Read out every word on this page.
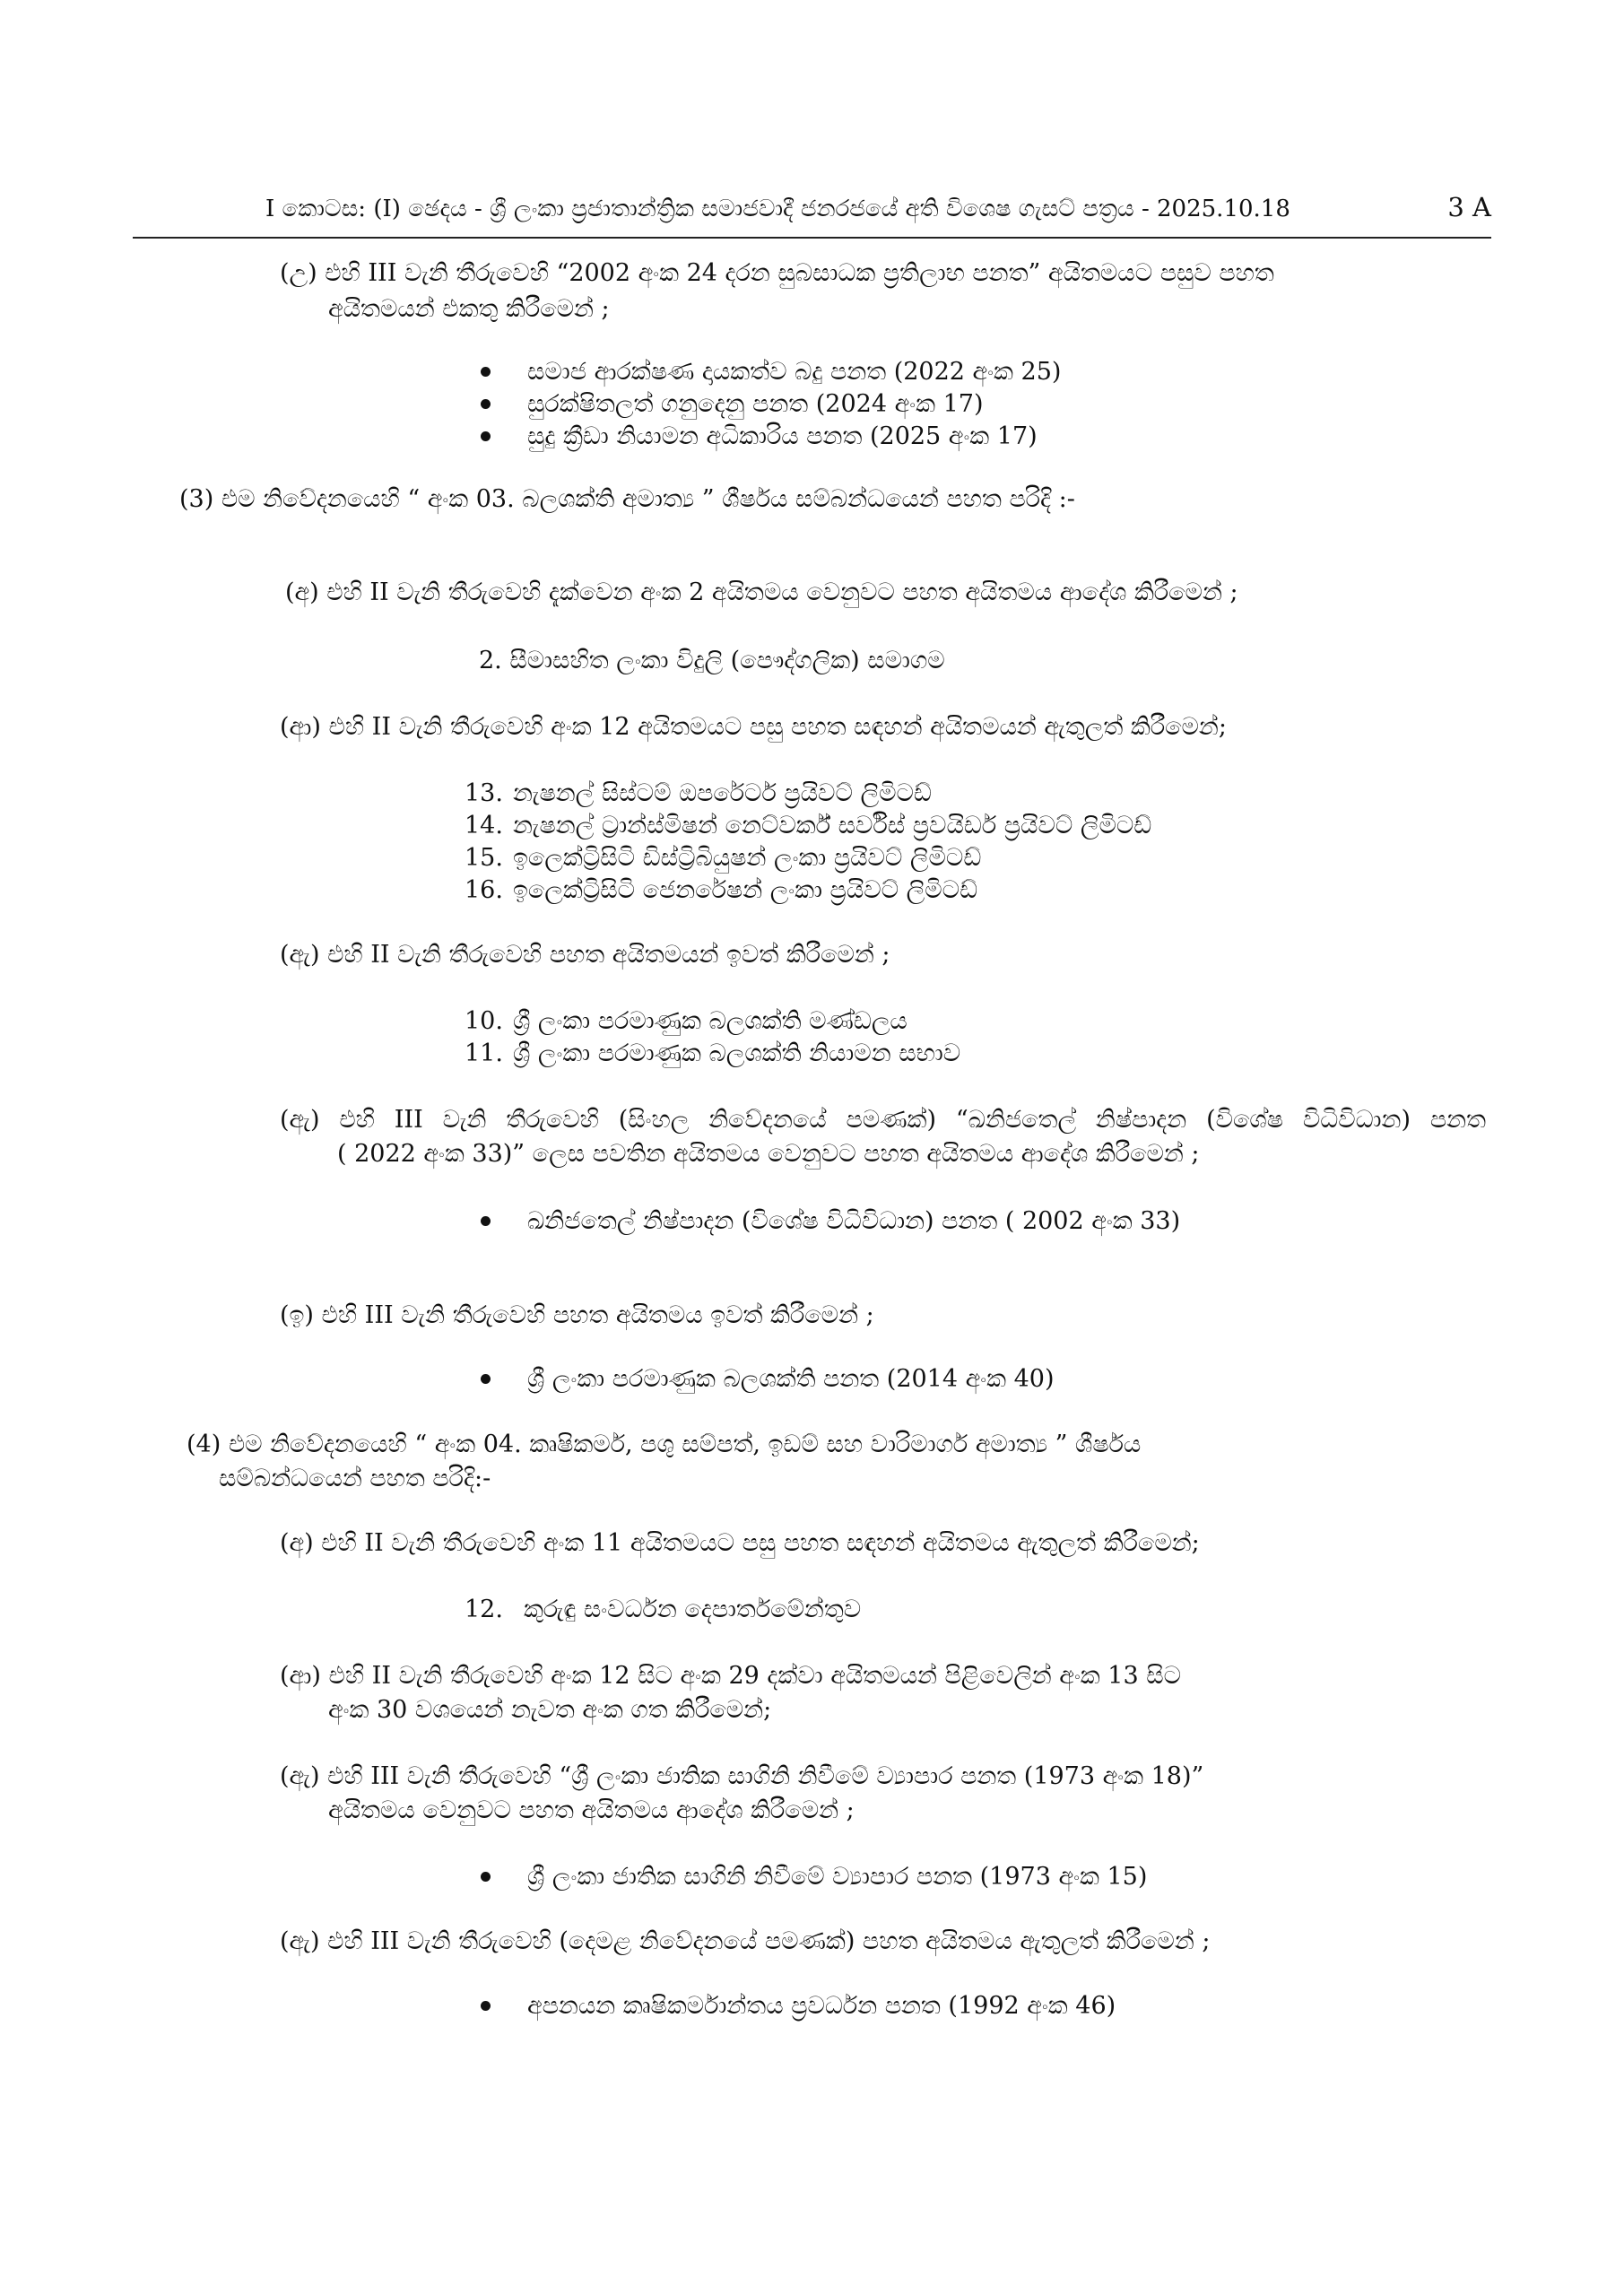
I කොටස: (I) ඡෙදය - ශ්‍රී ලංකා ප්‍රජාතාන්ත්‍රික සමාජවාදී ජනරජයේ අති විශෙෂ ගැසට් පත්‍රය - 2025.10.18	3 A
(උ) එහි III වැනි තීරුවෙහි “2002 අංක 24 දරන සුබසාධක ප්‍රතිලාභ පනත” අයිතමයට පසුව පහත
අයිතමයන් එකතු කිරීමෙන් ;
සමාජ ආරක්ෂණ දායකත්ව බදු පනත (2022 අංක 25)
සුරක්ෂිතලත් ගනුදෙනු පනත (2024 අංක 17)
සුදු ක්‍රීඩා නියාමන අධිකාරිය පනත (2025 අංක 17)
(3) එම නිවේදනයෙහි “ අංක 03. බලශක්ති අමාත්‍ය ” ශීර්ෂය සම්බන්ධයෙන් පහත පරිදි :-
(අ) එහි II වැනි තීරුවෙහි දැක්වෙන අංක 2 අයිතමය වෙනුවට පහත අයිතමය ආදේශ කිරීමෙන් ;
2. සීමාසහිත ලංකා විදුලි (පෞද්ගලික) සමාගම
(ආ) එහි II වැනි තීරුවෙහි අංක 12 අයිතමයට පසු පහත සඳහන් අයිතමයන් ඇතුලත් කිරීමෙන්;
13. නැෂනල් සිස්ටම් ඔපරේටර් ප්‍රයිවට් ලිමිටඩ්
14. නැෂනල් ට්‍රාන්ස්මිෂන් නෙට්වර්ක් සර්විස් ප්‍රවයිඩර් ප්‍රයිවට් ලිමිටඩ්
15. ඉලෙක්ට්‍රිසිටි ඩිස්ට්‍රිබියුෂන් ලංකා ප්‍රයිවට් ලිමිටඩ්
16. ඉලෙක්ට්‍රිසිටි ජෙනරේෂන් ලංකා ප්‍රයිවට් ලිමිටඩ්
(ඇ) එහි II වැනි තීරුවෙහි පහත අයිතමයන් ඉවත් කිරීමෙන් ;
10. ශ්‍රී ලංකා පරමාණුක බලශක්ති මණ්ඩලය
11. ශ්‍රී ලංකා පරමාණුක බලශක්ති නියාමන සභාව
(ඇ) එහි III වැනි තීරුවෙහි (සිංහල නිවේදනයේ පමණක්) “ඛනිජතෙල් නිෂ්පාදන (විශේෂ විධිවිධාන) පනත
( 2022 අංක 33)” ලෙස පවතින අයිතමය වෙනුවට පහත අයිතමය ආදේශ කිරීමෙන් ;
ඛනිජතෙල් නිෂ්පාදන (විශේෂ විධිවිධාන) පනත ( 2002 අංක 33)
(ඉ) එහි III වැනි තීරුවෙහි පහත අයිතමය ඉවත් කිරීමෙන් ;
ශ්‍රී ලංකා පරමාණුක බලශක්ති පනත (2014 අංක 40)
(4) එම නිවේදනයෙහි “ අංක 04. කෘෂිකර්ම, පශු සම්පත්, ඉඩම් සහ වාරිමාර්ග අමාත්‍ය ” ශීර්ෂය
සම්බන්ධයෙන් පහත පරිදි:-
(අ) එහි II වැනි තීරුවෙහි අංක 11 අයිතමයට පසු පහත සඳහන් අයිතමය ඇතුලත් කිරීමෙන්;
12. කුරුඳු සංවර්ධන දෙපාර්තමේන්තුව
(ආ) එහි II වැනි තීරුවෙහි අංක 12 සිට අංක 29 දක්වා අයිතමයන් පිළිවෙලින් අංක 13 සිට
අංක 30 වශයෙන් නැවත අංක ගත කිරීමෙන්;
(ඇ) එහි III වැනි තීරුවෙහි “ශ්‍රී ලංකා ජාතික සාගිනි නිවීමේ ව්‍යාපාර පනත (1973 අංක 18)”
අයිතමය වෙනුවට පහත අයිතමය ආදේශ කිරීමෙන් ;
ශ්‍රී ලංකා ජාතික සාගිනි නිවීමේ ව්‍යාපාර පනත (1973 අංක 15)
(ඇ) එහි III වැනි තීරුවෙහි (දෙමළ නිවේදනයේ පමණක්) පහත අයිතමය ඇතුලත් කිරීමෙන් ;
අපනයන කෘෂිකර්මාන්තය ප්‍රවර්ධන පනත (1992 අංක 46)
